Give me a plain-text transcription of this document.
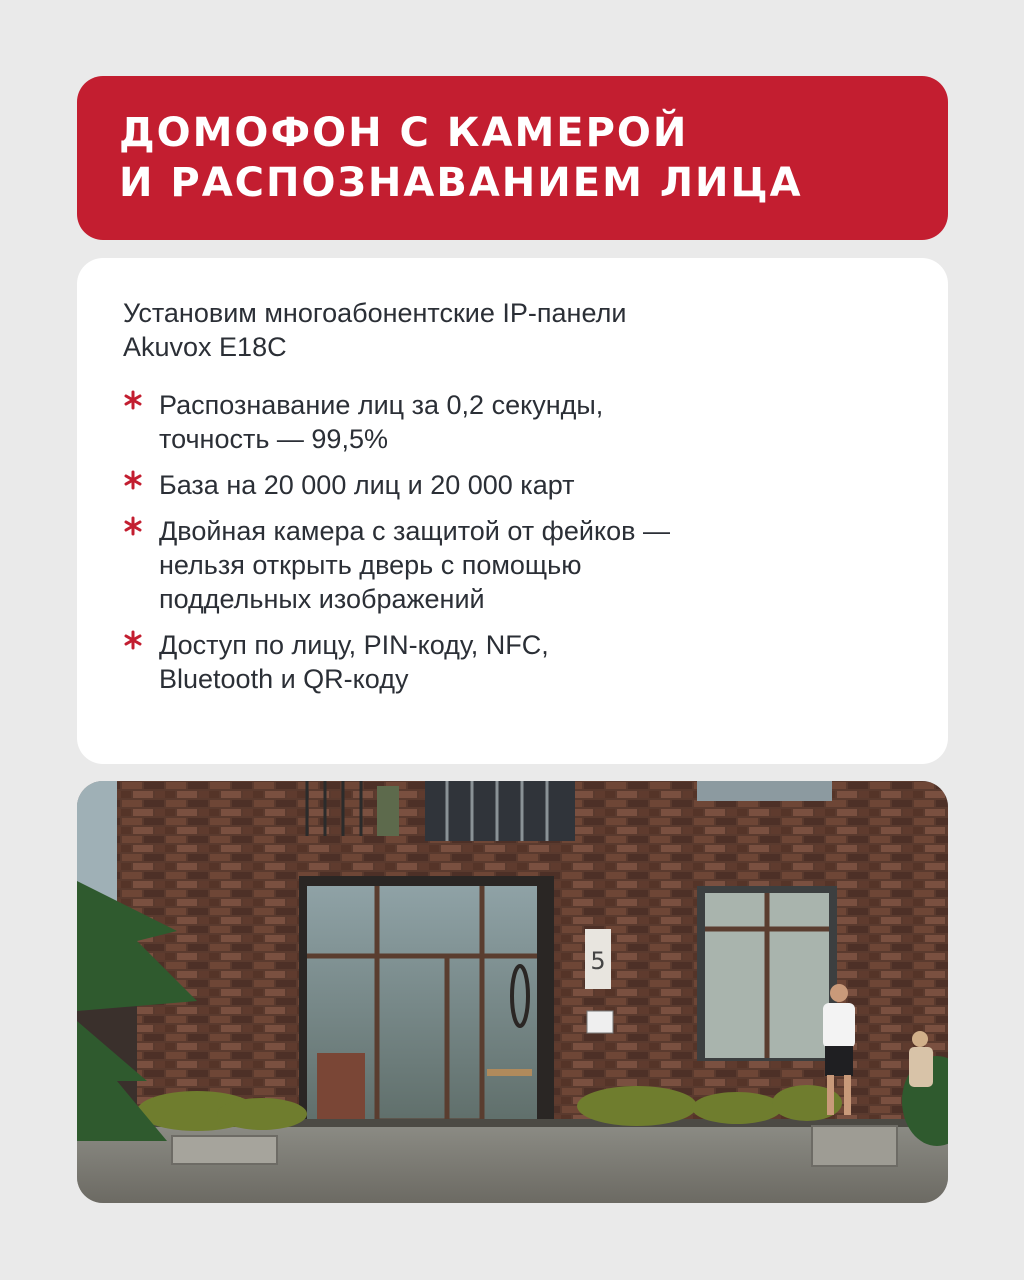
ДОМОФОН С КАМЕРОЙ
И РАСПОЗНАВАНИЕМ ЛИЦА
Установим многоабонентские IP-панели
Akuvox E18C
Распознавание лиц за 0,2 секунды,
точность — 99,5%
База на 20 000 лиц и 20 000 карт
Двойная камера с защитой от фейков —
нельзя открыть дверь с помощью
поддельных изображений
Доступ по лицу, PIN-коду, NFC,
Bluetooth и QR-коду
5
